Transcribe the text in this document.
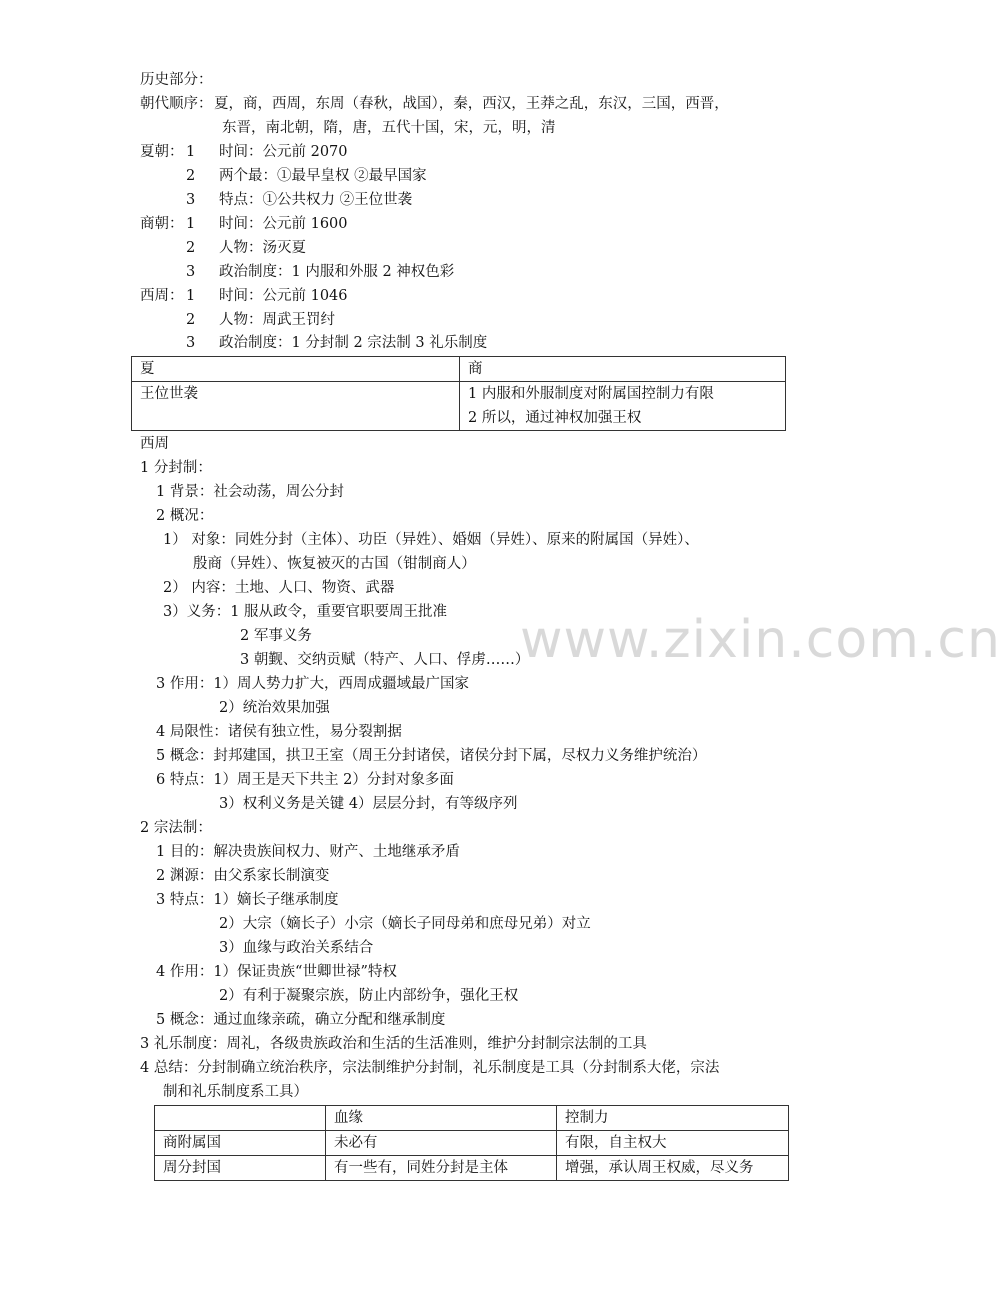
www.zixin.com.cn
历史部分：
朝代顺序： 夏，商，西周，东周（春秋，战国），秦，西汉，王莽之乱，东汉，三国，西晋，
东晋，南北朝，隋，唐，五代十国，宋，元，明，清
夏朝： 1 时间：公元前 2070
2 两个最：①最早皇权 ②最早国家
3 特点：①公共权力 ②王位世袭
商朝： 1 时间：公元前 1600
2 人物：汤灭夏
3 政治制度：1 内服和外服 2 神权色彩
西周： 1 时间：公元前 1046
2 人物：周武王罚纣
3 政治制度：1 分封制 2 宗法制 3 礼乐制度
夏	商
王位世袭	1 内服和外服制度对附属国控制力有限
2 所以，通过神权加强王权
西周
1 分封制：
1 背景：社会动荡，周公分封
2 概况：
1） 对象：同姓分封（主体）、功臣（异姓）、婚姻（异姓）、原来的附属国（异姓）、
殷商（异姓）、恢复被灭的古国（钳制商人）
2） 内容：土地、人口、物资、武器
3）义务：1 服从政令，重要官职要周王批准
2 军事义务
3 朝觐、交纳贡赋（特产、人口、俘虏……）
3 作用：1）周人势力扩大，西周成疆域最广国家
2）统治效果加强
4 局限性：诸侯有独立性，易分裂割据
5 概念：封邦建国，拱卫王室（周王分封诸侯，诸侯分封下属，尽权力义务维护统治）
6 特点：1）周王是天下共主 2）分封对象多面
3）权利义务是关键 4）层层分封，有等级序列
2 宗法制：
1 目的：解决贵族间权力、财产、土地继承矛盾
2 渊源：由父系家长制演变
3 特点：1）嫡长子继承制度
2）大宗（嫡长子）小宗（嫡长子同母弟和庶母兄弟）对立
3）血缘与政治关系结合
4 作用：1）保证贵族“世卿世禄”特权
2）有利于凝聚宗族，防止内部纷争，强化王权
5 概念：通过血缘亲疏，确立分配和继承制度
3 礼乐制度：周礼，各级贵族政治和生活的生活准则，维护分封制宗法制的工具
4 总结：分封制确立统治秩序，宗法制维护分封制，礼乐制度是工具（分封制系大佬，宗法
制和礼乐制度系工具）
	血缘	控制力
商附属国	未必有	有限，自主权大
周分封国	有一些有，同姓分封是主体	增强，承认周王权威，尽义务
